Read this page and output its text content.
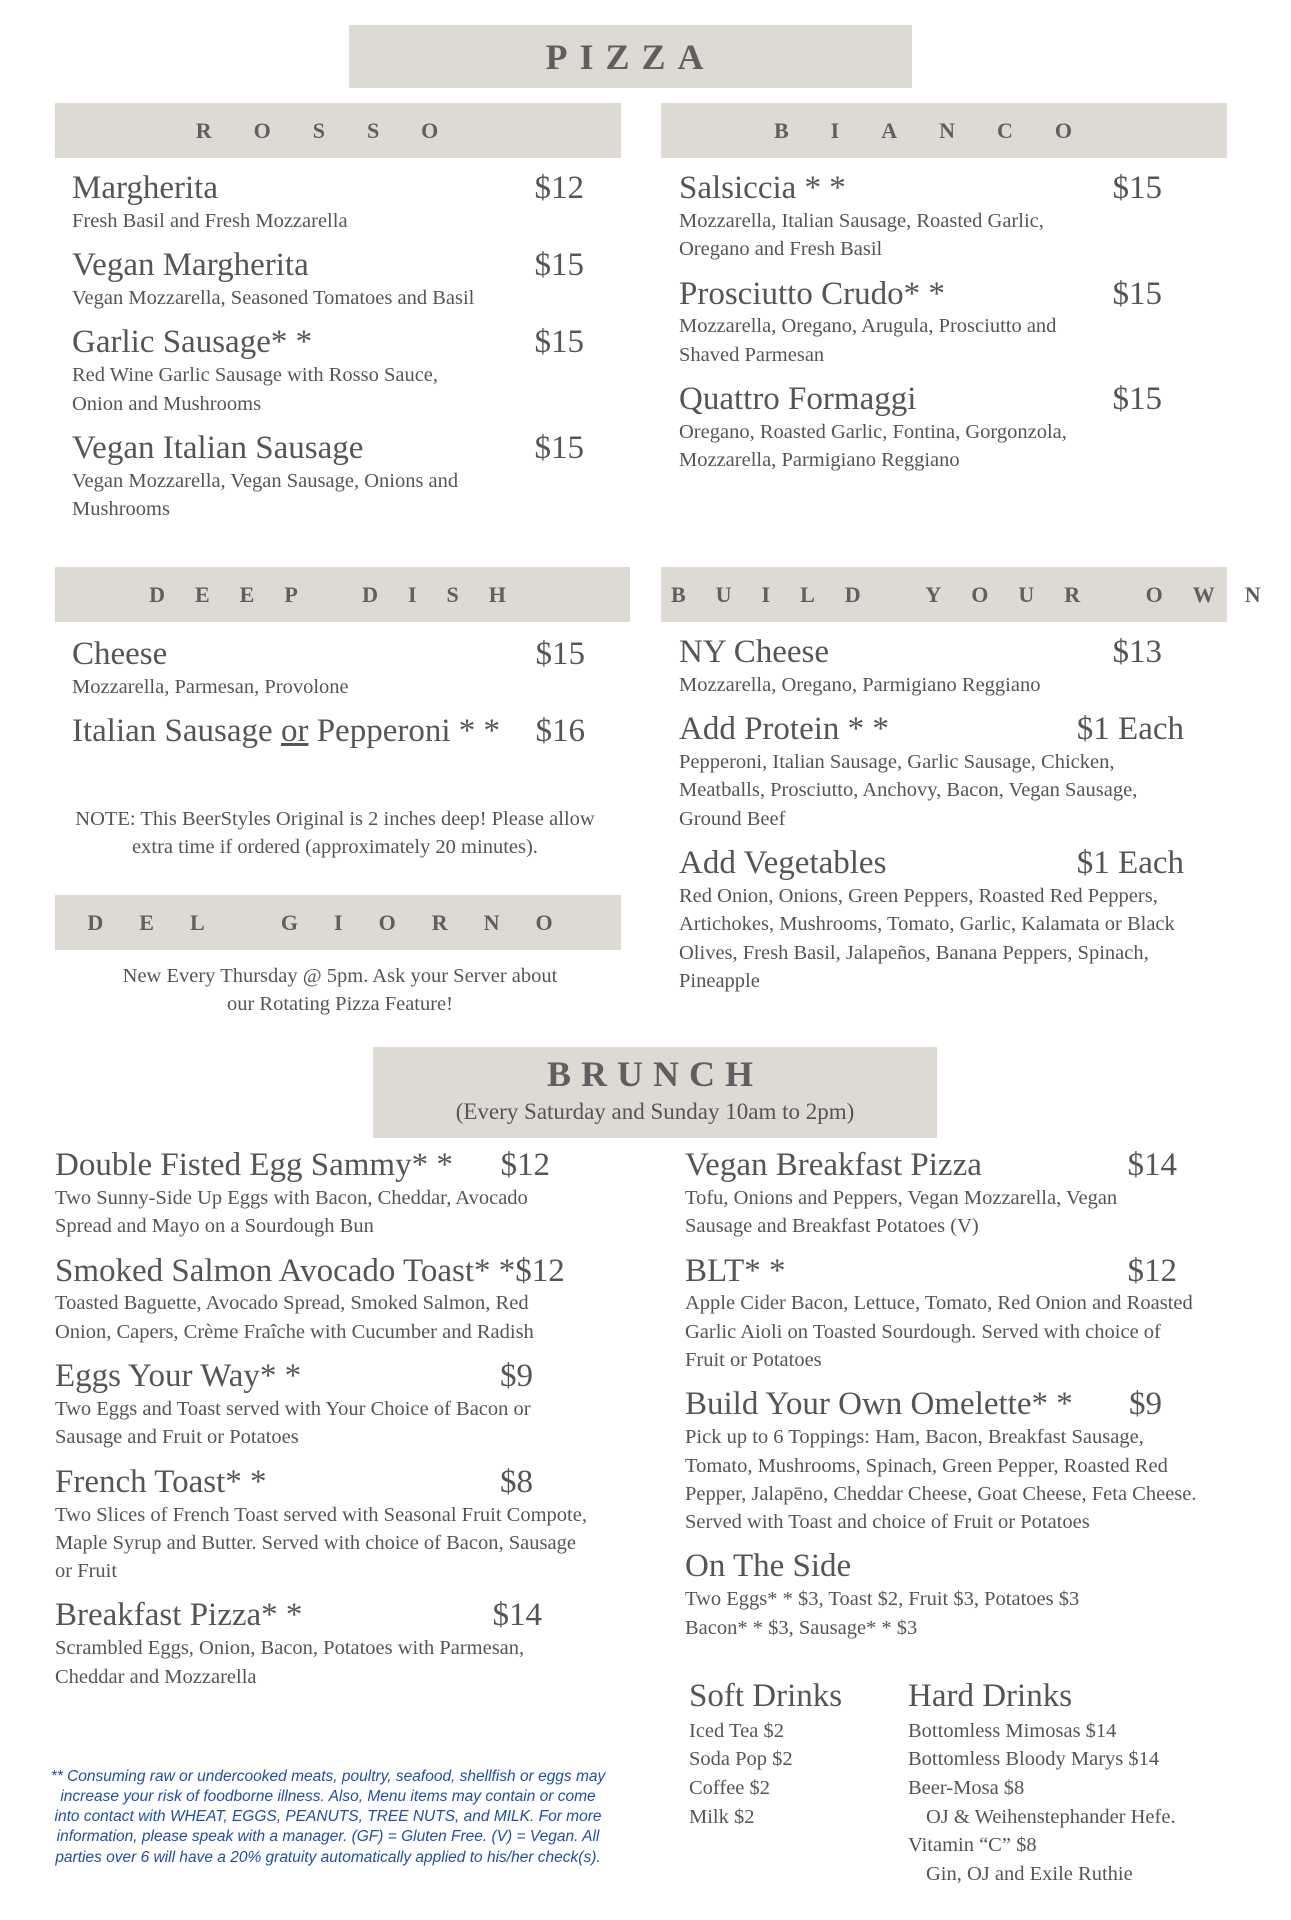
PIZZA
ROSSO
Margherita	$12
Fresh Basil and Fresh Mozzarella
Vegan Margherita	$15
Vegan Mozzarella, Seasoned Tomatoes and Basil
Garlic Sausage* *	$15
Red Wine Garlic Sausage with Rosso Sauce, Onion and Mushrooms
Vegan Italian Sausage	$15
Vegan Mozzarella, Vegan Sausage, Onions and Mushrooms
BIANCO
Salsiccia * *	$15
Mozzarella, Italian Sausage, Roasted Garlic, Oregano and Fresh Basil
Prosciutto Crudo* *	$15
Mozzarella, Oregano, Arugula, Prosciutto and Shaved Parmesan
Quattro Formaggi	$15
Oregano, Roasted Garlic, Fontina, Gorgonzola, Mozzarella, Parmigiano Reggiano
DEEP DISH
Cheese	$15
Mozzarella, Parmesan, Provolone
Italian Sausage or Pepperoni * * $16
NOTE: This BeerStyles Original is 2 inches deep! Please allow extra time if ordered (approximately 20 minutes).
BUILD YOUR OWN
NY Cheese	$13
Mozzarella, Oregano, Parmigiano Reggiano
Add Protein * *	$1 Each
Pepperoni, Italian Sausage, Garlic Sausage, Chicken, Meatballs, Prosciutto, Anchovy, Bacon, Vegan Sausage, Ground Beef
Add Vegetables	$1 Each
Red Onion, Onions, Green Peppers, Roasted Red Peppers, Artichokes, Mushrooms, Tomato, Garlic, Kalamata or Black Olives, Fresh Basil, Jalapeños, Banana Peppers, Spinach, Pineapple
DEL GIORNO
New Every Thursday @ 5pm. Ask your Server about our Rotating Pizza Feature!
BRUNCH
(Every Saturday and Sunday 10am to 2pm)
Double Fisted Egg Sammy* * $12
Two Sunny-Side Up Eggs with Bacon, Cheddar, Avocado Spread and Mayo on a Sourdough Bun
Smoked Salmon Avocado Toast* * $12
Toasted Baguette, Avocado Spread, Smoked Salmon, Red Onion, Capers, Crème Fraîche with Cucumber and Radish
Eggs Your Way* *	$9
Two Eggs and Toast served with Your Choice of Bacon or Sausage and Fruit or Potatoes
French Toast* *	$8
Two Slices of French Toast served with Seasonal Fruit Compote, Maple Syrup and Butter. Served with choice of Bacon, Sausage or Fruit
Breakfast Pizza* *	$14
Scrambled Eggs, Onion, Bacon, Potatoes with Parmesan, Cheddar and Mozzarella
** Consuming raw or undercooked meats, poultry, seafood, shellfish or eggs may increase your risk of foodborne illness. Also, Menu items may contain or come into contact with WHEAT, EGGS, PEANUTS, TREE NUTS, and MILK. For more information, please speak with a manager. (GF) = Gluten Free. (V) = Vegan. All parties over 6 will have a 20% gratuity automatically applied to his/her check(s).
Vegan Breakfast Pizza	$14
Tofu, Onions and Peppers, Vegan Mozzarella, Vegan Sausage and Breakfast Potatoes (V)
BLT* *	$12
Apple Cider Bacon, Lettuce, Tomato, Red Onion and Roasted Garlic Aioli on Toasted Sourdough. Served with choice of Fruit or Potatoes
Build Your Own Omelette* * $9
Pick up to 6 Toppings: Ham, Bacon, Breakfast Sausage, Tomato, Mushrooms, Spinach, Green Pepper, Roasted Red Pepper, Jalapēno, Cheddar Cheese, Goat Cheese, Feta Cheese. Served with Toast and choice of Fruit or Potatoes
On The Side
Two Eggs* * $3, Toast $2, Fruit $3, Potatoes $3
Bacon* * $3, Sausage* * $3
Soft Drinks
Iced Tea $2
Soda Pop $2
Coffee $2
Milk $2
Hard Drinks
Bottomless Mimosas $14
Bottomless Bloody Marys $14
Beer-Mosa $8
OJ & Weihenstephander Hefe.
Vitamin “C” $8
Gin, OJ and Exile Ruthie
